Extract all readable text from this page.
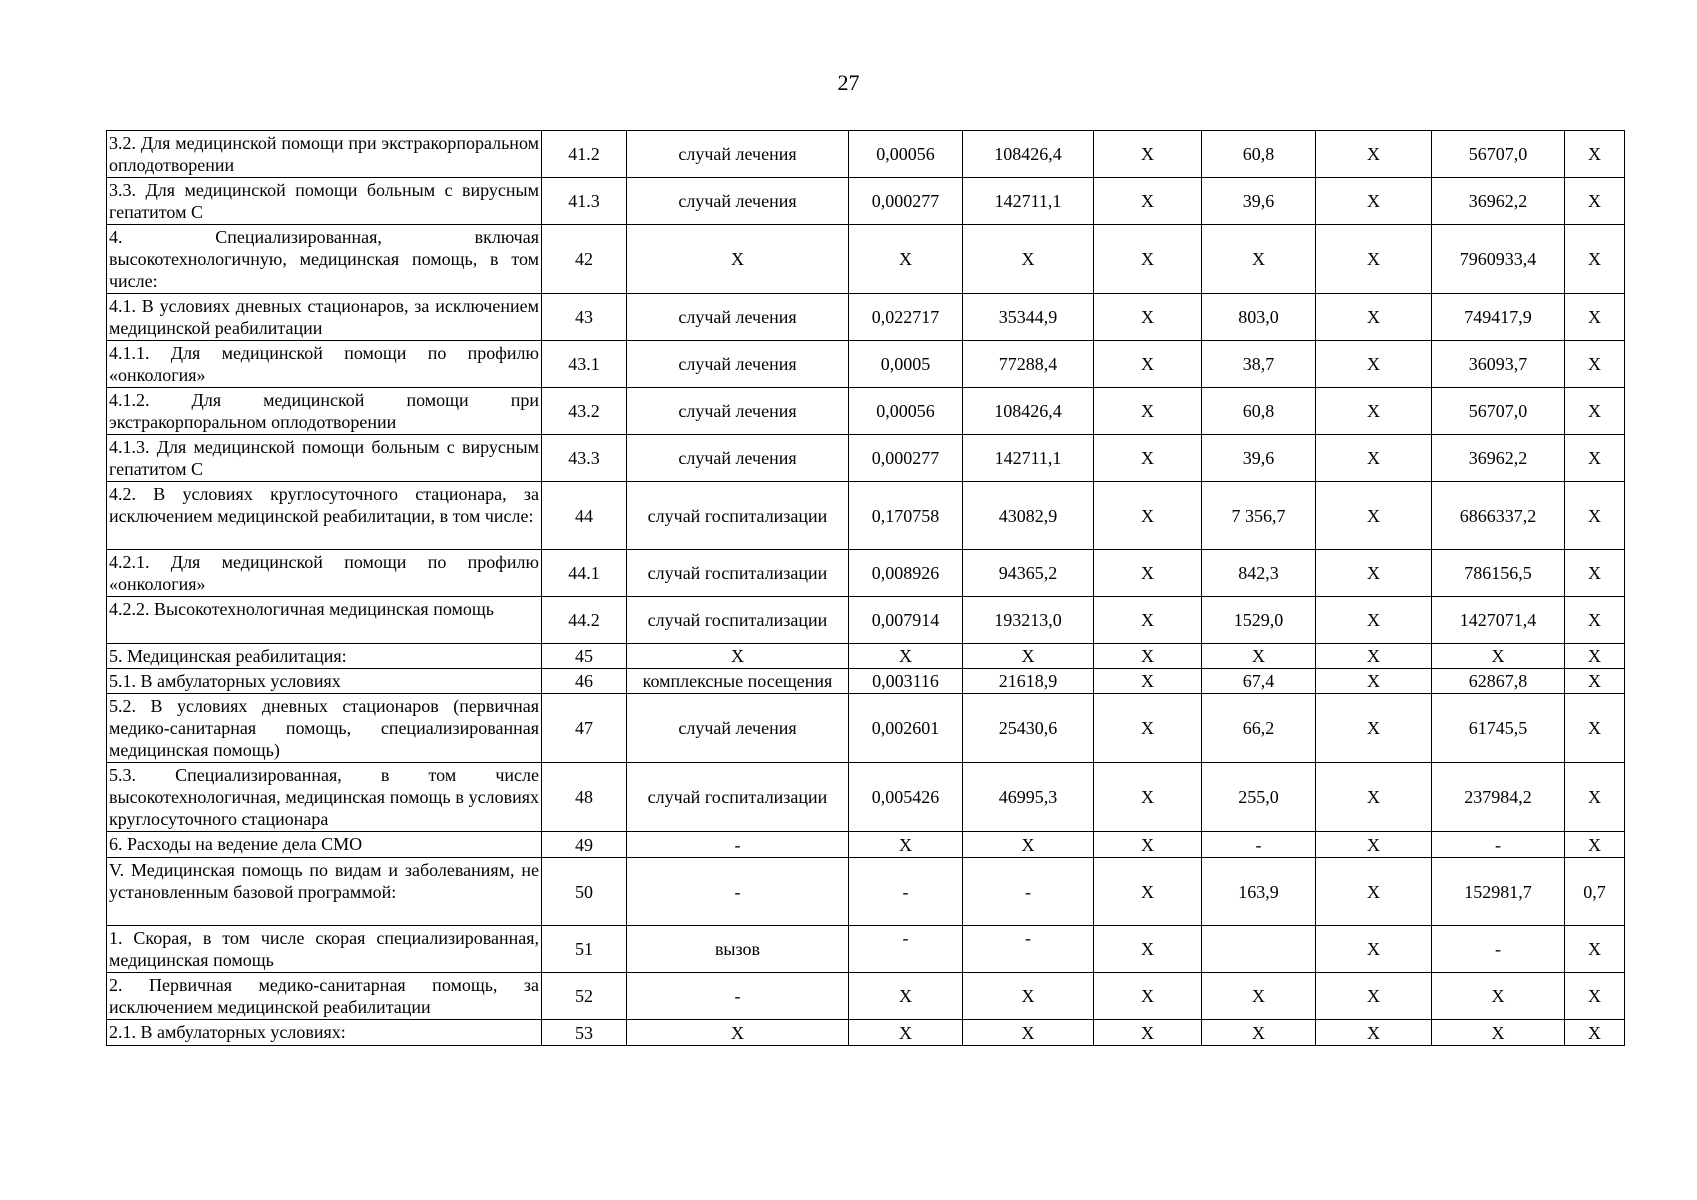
27
3.2. Для медицинской помощи при экстракорпоральном оплодотворении	41.2	случай лечения	0,00056	108426,4	Х	60,8	Х	56707,0	Х
3.3. Для медицинской помощи больным с вирусным гепатитом С	41.3	случай лечения	0,000277	142711,1	Х	39,6	Х	36962,2	Х
4. Специализированная, включая высокотехнологичную, медицинская помощь, в том числе:	42	Х	Х	Х	Х	Х	Х	7960933,4	Х
4.1. В условиях дневных стационаров, за исключением медицинской реабилитации	43	случай лечения	0,022717	35344,9	Х	803,0	Х	749417,9	Х
4.1.1. Для медицинской помощи по профилю «онкология»	43.1	случай лечения	0,0005	77288,4	Х	38,7	Х	36093,7	Х
4.1.2. Для медицинской помощи при экстракорпоральном оплодотворении	43.2	случай лечения	0,00056	108426,4	Х	60,8	Х	56707,0	Х
4.1.3. Для медицинской помощи больным с вирусным гепатитом С	43.3	случай лечения	0,000277	142711,1	Х	39,6	Х	36962,2	Х
4.2. В условиях круглосуточного стационара, за исключением медицинской реабилитации, в том числе:	44	случай госпитализации	0,170758	43082,9	Х	7 356,7	Х	6866337,2	Х
4.2.1. Для медицинской помощи по профилю «онкология»	44.1	случай госпитализации	0,008926	94365,2	Х	842,3	Х	786156,5	Х
4.2.2. Высокотехнологичная медицинская помощь	44.2	случай госпитализации	0,007914	193213,0	Х	1529,0	Х	1427071,4	Х
5. Медицинская реабилитация:	45	Х	Х	Х	Х	Х	Х	Х	Х
5.1. В амбулаторных условиях	46	комплексные посещения	0,003116	21618,9	Х	67,4	Х	62867,8	Х
5.2. В условиях дневных стационаров (первичная медико-санитарная помощь, специализированная медицинская помощь)	47	случай лечения	0,002601	25430,6	Х	66,2	Х	61745,5	Х
5.3. Специализированная, в том числе высокотехнологичная, медицинская помощь в условиях круглосуточного стационара	48	случай госпитализации	0,005426	46995,3	Х	255,0	Х	237984,2	Х
6. Расходы на ведение дела СМО	49	-	Х	Х	Х	-	Х	-	Х
V. Медицинская помощь по видам и заболеваниям, не установленным базовой программой:	50	-	-	-	Х	163,9	Х	152981,7	0,7
1. Скорая, в том числе скорая специализированная, медицинская помощь	51	вызов	-	-	Х		Х	-	Х
2. Первичная медико-санитарная помощь, за исключением медицинской реабилитации	52	-	Х	Х	Х	Х	Х	Х	Х
2.1. В амбулаторных условиях:	53	Х	Х	Х	Х	Х	Х	Х	Х
